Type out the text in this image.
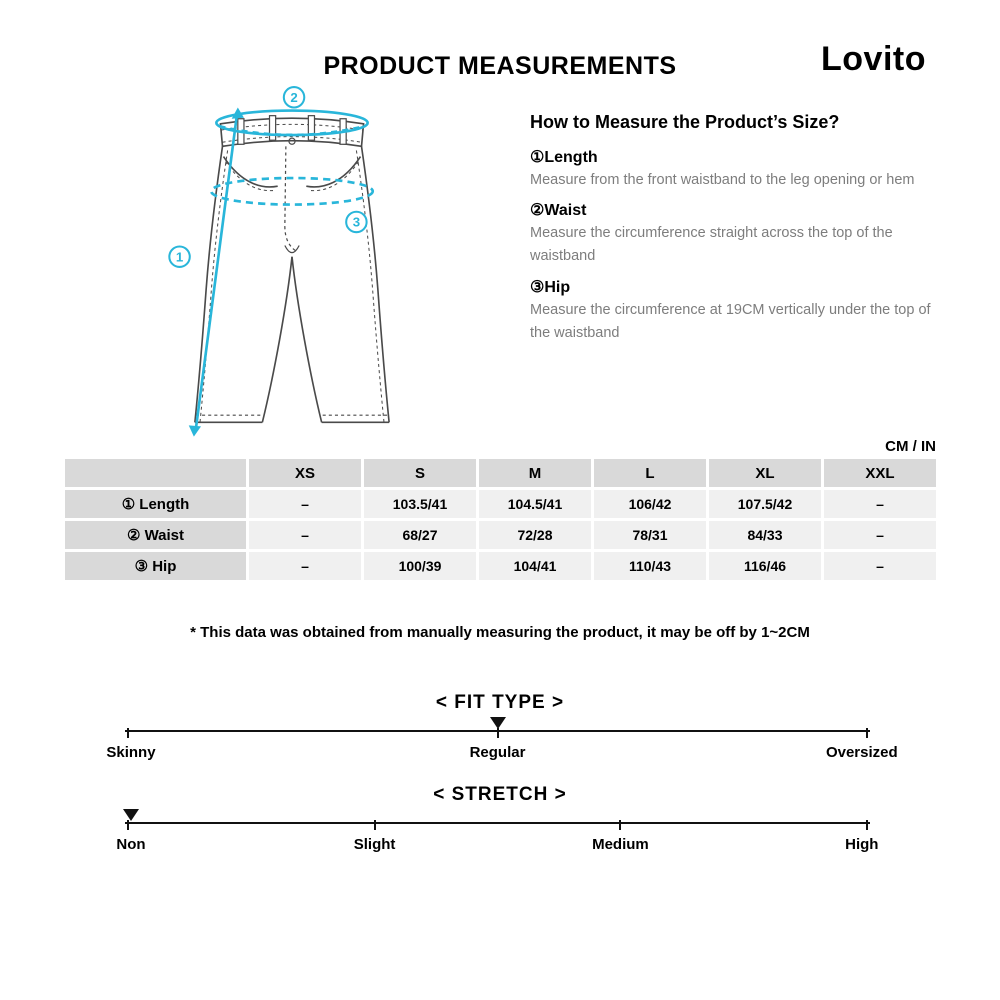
PRODUCT MEASUREMENTS	Lovito
2
1
3
How to Measure the Product’s Size?
①Length
Measure from the front waistband to the leg opening or hem
②Waist
Measure the circumference straight across the top of the waistband
③Hip
Measure the circumference at 19CM vertically under the top of the waistband
CM / IN
	XS	S	M	L	XL	XXL
① Length	–	103.5/41	104.5/41	106/42	107.5/42	–
② Waist	–	68/27	72/28	78/31	84/33	–
③ Hip	–	100/39	104/41	110/43	116/46	–

* This data was obtained from manually measuring the product, it may be off by 1~2CM

< FIT TYPE >
Skinny	Regular	Oversized
< STRETCH >
Non	Slight	Medium	High
